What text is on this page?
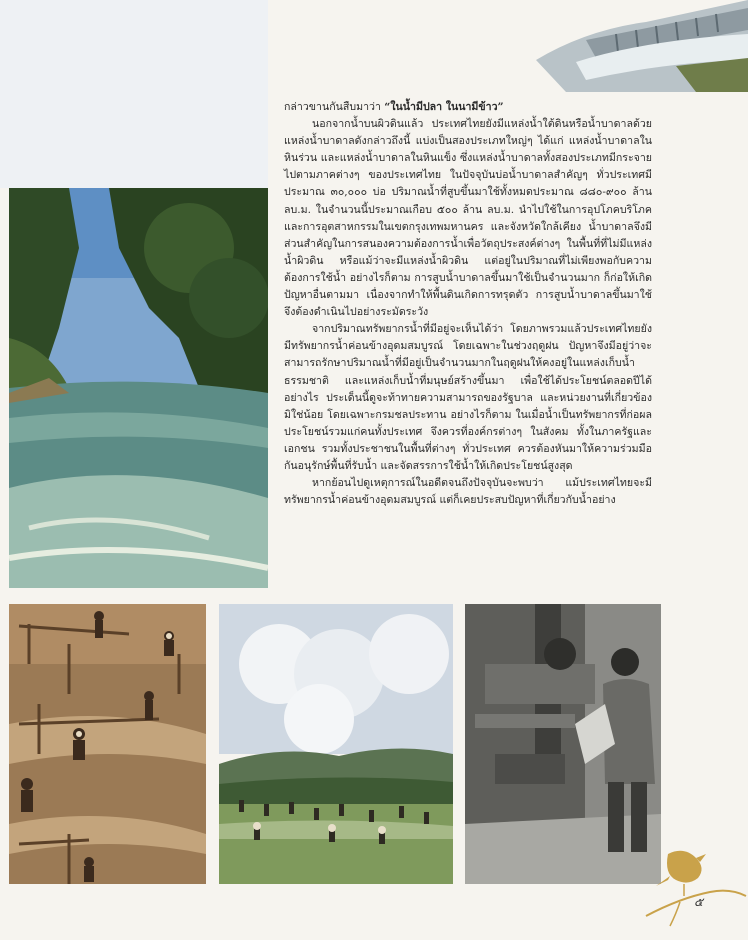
กล่าวขานกันสืบมาว่า “ในน้ำมีปลา ในนามีข้าว”

นอกจากน้ำบนผิวดินแล้ว ประเทศไทยยังมีแหล่งน้ำใต้ดินหรือน้ำบาดาลด้วย แหล่งน้ำบาดาลดังกล่าวถึงนี้ แบ่งเป็นสองประเภทใหญ่ๆ ได้แก่ แหล่งน้ำบาดาลในหินร่วน และแหล่งน้ำบาดาลในหินแข็ง ซึ่งแหล่งน้ำบาดาลทั้งสองประเภทมีกระจายไปตามภาคต่างๆ ของประเทศไทย ในปัจจุบันบ่อน้ำบาดาลสำคัญๆ ทั่วประเทศมีประมาณ ๓๐,๐๐๐ บ่อ ปริมาณน้ำที่สูบขึ้นมาใช้ทั้งหมดประมาณ ๘๘๐-๙๐๐ ล้าน ลบ.ม. ในจำนวนนี้ประมาณเกือบ ๕๐๐ ล้าน ลบ.ม. นำไปใช้ในการอุปโภคบริโภค และการอุตสาหกรรมในเขตกรุงเทพมหานคร และจังหวัดใกล้เคียง น้ำบาดาลจึงมีส่วนสำคัญในการสนองความต้องการน้ำเพื่อวัตถุประสงค์ต่างๆ ในพื้นที่ที่ไม่มีแหล่งน้ำผิวดิน หรือแม้ว่าจะมีแหล่งน้ำผิวดิน แต่อยู่ในปริมาณที่ไม่เพียงพอกับความต้องการใช้น้ำ อย่างไรก็ตาม การสูบน้ำบาดาลขึ้นมาใช้เป็นจำนวนมาก ก็ก่อให้เกิดปัญหาอื่นตามมา เนื่องจากทำให้พื้นดินเกิดการทรุดตัว การสูบน้ำบาดาลขึ้นมาใช้จึงต้องดำเนินไปอย่างระมัดระวัง

จากปริมาณทรัพยากรน้ำที่มีอยู่จะเห็นได้ว่า โดยภาพรวมแล้วประเทศไทยยังมีทรัพยากรน้ำค่อนข้างอุดมสมบูรณ์ โดยเฉพาะในช่วงฤดูฝน ปัญหาจึงมีอยู่ว่าจะสามารถรักษาปริมาณน้ำที่มีอยู่เป็นจำนวนมากในฤดูฝนให้คงอยู่ในแหล่งเก็บน้ำธรรมชาติ และแหล่งเก็บน้ำที่มนุษย์สร้างขึ้นมา เพื่อใช้ได้ประโยชน์ตลอดปีได้อย่างไร ประเด็นนี้ดูจะท้าทายความสามารถของรัฐบาล และหน่วยงานที่เกี่ยวข้องมิใช่น้อย โดยเฉพาะกรมชลประทาน อย่างไรก็ตาม ในเมื่อน้ำเป็นทรัพยากรที่ก่อผลประโยชน์รวมแก่คนทั้งประเทศ จึงควรที่องค์กรต่างๆ ในสังคม ทั้งในภาครัฐและเอกชน รวมทั้งประชาชนในพื้นที่ต่างๆ ทั่วประเทศ ควรต้องหันมาให้ความร่วมมือกันอนุรักษ์พื้นที่รับน้ำ และจัดสรรการใช้น้ำให้เกิดประโยชน์สูงสุด

หากย้อนไปดูเหตุการณ์ในอดีตจนถึงปัจจุบันจะพบว่า แม้ประเทศไทยจะมีทรัพยากรน้ำค่อนข้างอุดมสมบูรณ์ แต่ก็เคยประสบปัญหาที่เกี่ยวกับน้ำอย่าง

๕
